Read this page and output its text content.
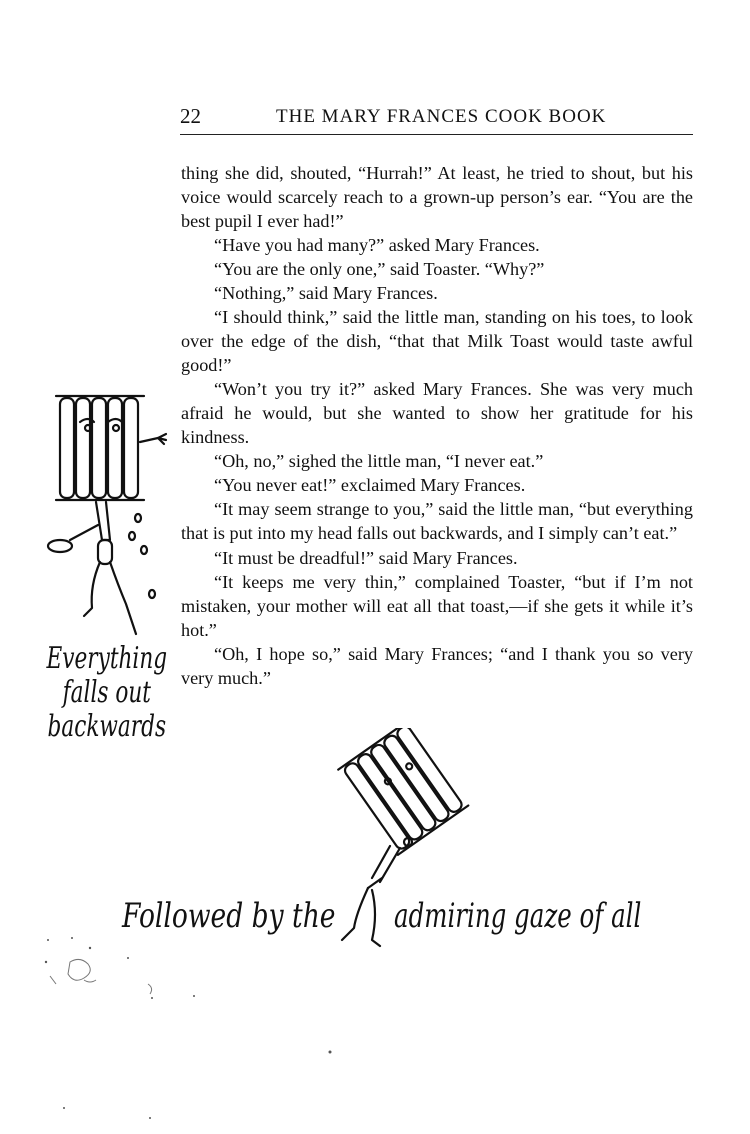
22	THE MARY FRANCES COOK BOOK

thing she did, shouted, “Hurrah!” At least, he tried to shout, but his voice would scarcely reach to a grown-up person’s ear. “You are the best pupil I ever had!”

“Have you had many?” asked Mary Frances.

“You are the only one,” said Toaster. “Why?”

“Nothing,” said Mary Frances.

“I should think,” said the little man, standing on his toes, to look over the edge of the dish, “that that Milk Toast would taste awful good!”

“Won’t you try it?” asked Mary Frances. She was very much afraid he would, but she wanted to show her gratitude for his kindness.

“Oh, no,” sighed the little man, “I never eat.”

“You never eat!” exclaimed Mary Frances.

“It may seem strange to you,” said the little man, “but everything that is put into my head falls out backwards, and I simply can’t eat.”

“It must be dreadful!” said Mary Frances.

“It keeps me very thin,” complained Toaster, “but if I’m not mistaken, your mother will eat all that toast,—if she gets it while it’s hot.”

“Oh, I hope so,” said Mary Frances; “and I thank you so very very much.”

Everything
falls out
backwards
Followed by the admiring gaze of all
